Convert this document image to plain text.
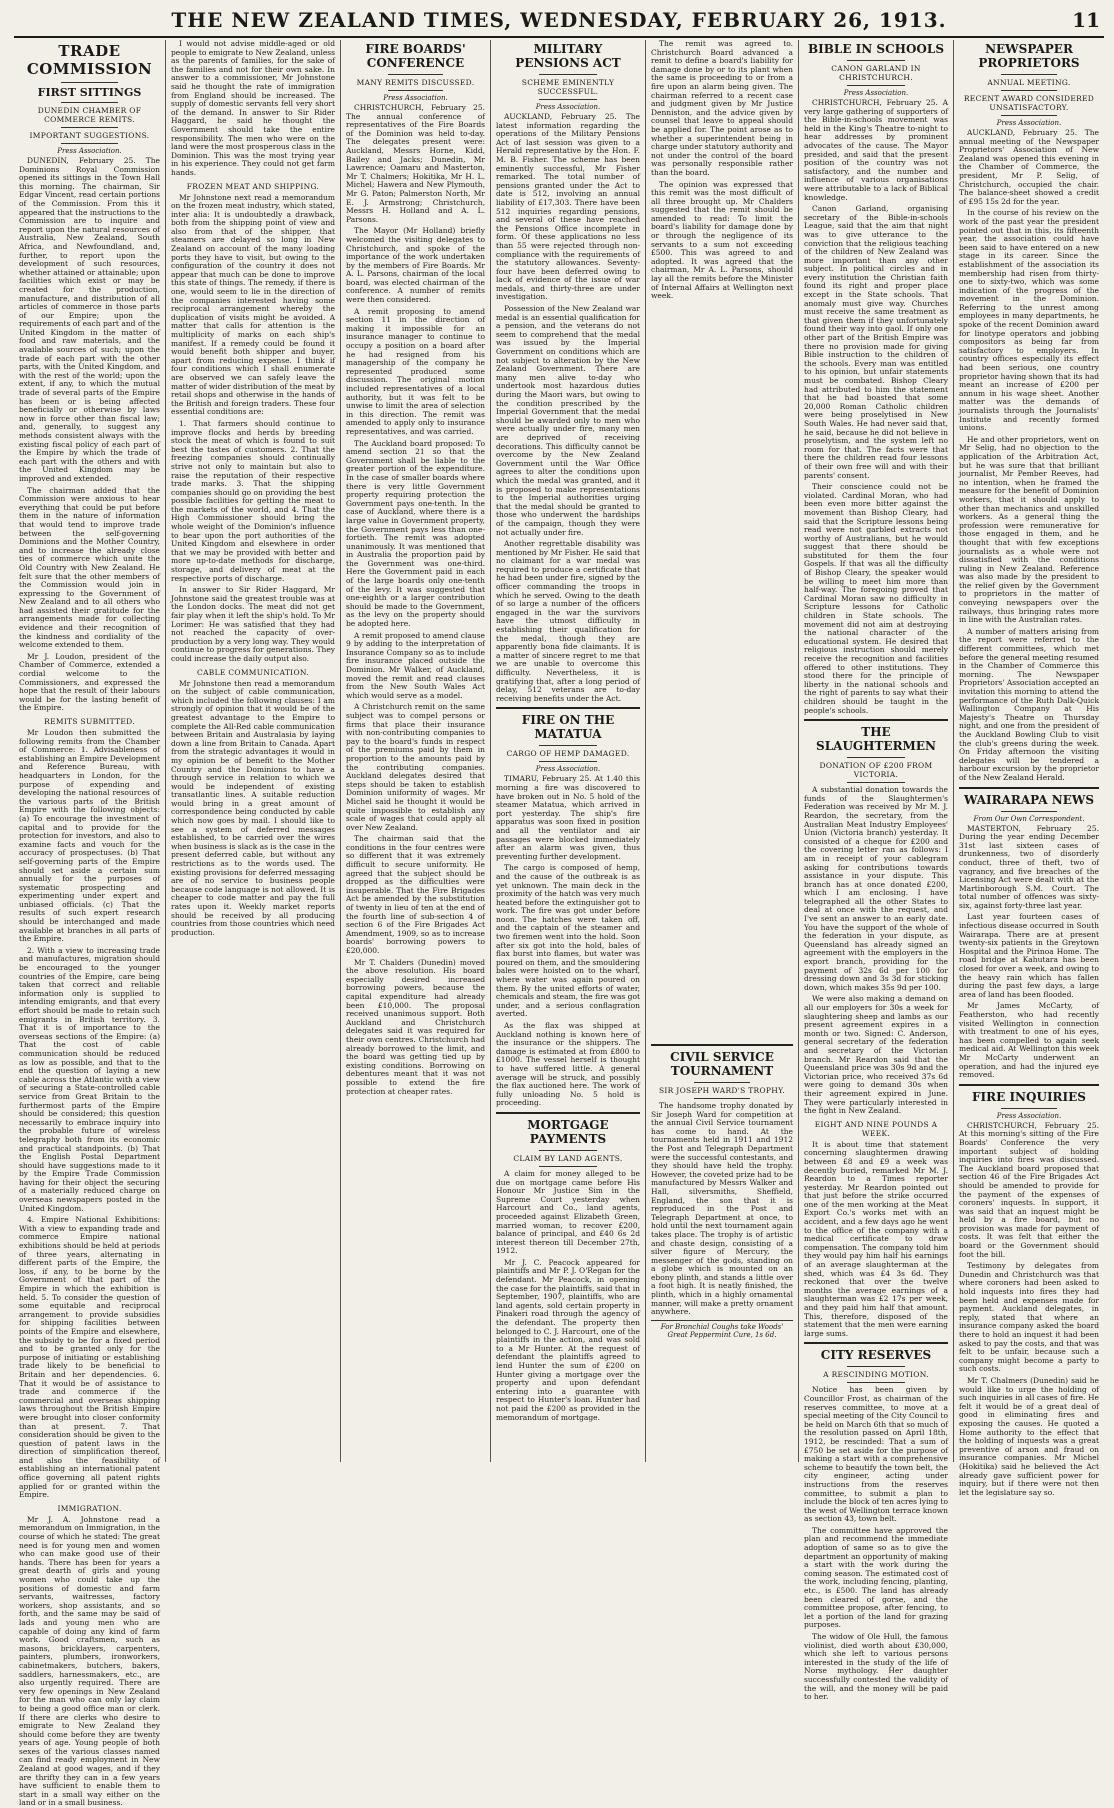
THE NEW ZEALAND TIMES, WEDNESDAY, FEBRUARY 26, 1913.	11
TRADE COMMISSION
FIRST SITTINGS
DUNEDIN CHAMBER OF COMMERCE REMITS.
IMPORTANT SUGGESTIONS.
Press Association.

DUNEDIN, February 25. The Dominions Royal Commission opened its sittings in the Town Hall this morning. The chairman, Sir Edgar Vincent, read certain portions of the Commission. From this it appeared that the instructions to the Commission are to inquire and report upon the natural resources of Australia, New Zealand, South Africa, and Newfoundland, and, further, to report upon the development of such resources, whether attained or attainable; upon facilities which exist or may be created for the production, manufacture, and distribution of all articles of commerce in those parts of our Empire; upon the requirements of each part and of the United Kingdom in the matter of food and raw materials, and the available sources of such; upon the trade of each part with the other parts, with the United Kingdom, and with the rest of the world; upon the extent, if any, to which the mutual trade of several parts of the Empire has been or is being affected beneficially or otherwise by laws now in force other than fiscal law; and, generally, to suggest any methods consistent always with the existing fiscal policy of each part of the Empire by which the trade of each part with the others and with the United Kingdom may be improved and extended.

The chairman added that the Commission were anxious to hear everything that could be put before them in the nature of information that would tend to improve trade between the self-governing Dominions and the Mother Country, and to increase the already close ties of commerce which unite the Old Country with New Zealand. He felt sure that the other members of the Commission would join in expressing to the Government of New Zealand and to all others who had assisted their gratitude for the arrangements made for collecting evidence and their recognition of the kindness and cordiality of the welcome extended to them.

Mr J. Loudon, president of the Chamber of Commerce, extended a cordial welcome to the Commissioners, and expressed the hope that the result of their labours would be for the lasting benefit of the Empire.

REMITS SUBMITTED.

Mr Loudon then submitted the following remits from the Chamber of Commerce: 1. Advisableness of establishing an Empire Development and Reference Bureau, with headquarters in London, for the purpose of expending and developing the national resources of the various parts of the British Empire with the following objects: (a) To encourage the investment of capital and to provide for the protection for investors, and also to examine facts and vouch for the accuracy of prospectuses. (b) That self-governing parts of the Empire should set aside a certain sum annually for the purposes of systematic prospecting and experimenting under expert and unbiased officials. (c) That the results of such expert research should be interchanged and made available at branches in all parts of the Empire.

2. With a view to increasing trade and manufactures, migration should be encouraged to the younger countries of the Empire, care being taken that correct and reliable information only is supplied to intending emigrants, and that every effort should be made to retain such emigrants in British territory. 3. That it is of importance to the overseas sections of the Empire: (a) That the cost of cable communication should be reduced as low as possible, and that to the end the question of laying a new cable across the Atlantic with a view of securing a State-controlled cable service from Great Britain to the furthermost parts of the Empire should be considered; this question necessarily to embrace inquiry into the probable future of wireless telegraphy both from its economic and practical standpoints. (b) That the English Postal Department should have suggestions made to it by the Empire Trade Commission having for their object the securing of a materially reduced charge on overseas newspapers posted in the United Kingdom.

4. Empire National Exhibitions: With a view to expanding trade and commerce Empire national exhibitions should be held at periods of three years, alternating in different parts of the Empire, the loss, if any, to be borne by the Government of that part of the Empire in which the exhibition is held. 5. To consider the question of some equitable and reciprocal arrangement to provide subsidies for shipping facilities between points of the Empire and elsewhere, the subsidy to be for a fixed period and to be granted only for the purpose of initiating or establishing trade likely to be beneficial to Britain and her dependencies. 6. That it would be of assistance to trade and commerce if the commercial and overseas shipping laws throughout the British Empire were brought into closer conformity than at present. 7. That consideration should be given to the question of patent laws in the direction of simplification thereof, and also the feasibility of establishing an international patent office governing all patent rights applied for or granted within the Empire.

IMMIGRATION.

Mr J. A. Johnstone read a memorandum on Immigration, in the course of which he stated: The great need is for young men and women who can make good use of their hands. There has been for years a great dearth of girls and young women who could take up the positions of domestic and farm servants, waitresses, factory workers, shop assistants, and so forth, and the same may be said of lads and young men who are capable of doing any kind of farm work. Good craftsmen, such as masons, bricklayers, carpenters, painters, plumbers, ironworkers, cabinetmakers, butchers, bakers, saddlers, harnessmakers, etc., are also urgently required. There are very few openings in New Zealand for the man who can only lay claim to being a good office man or clerk. If there are clerks who desire to emigrate to New Zealand they should come before they are twenty years of age. Young people of both sexes of the various classes named can find ready employment in New Zealand at good wages, and if they are thrifty they can in a few years have sufficient to enable them to start in a small way either on the land or in a small business.

I would not advise middle-aged or old people to emigrate to New Zealand, unless as the parents of families, for the sake of the families and not for their own sake. In answer to a commissioner, Mr Johnstone said he thought the rate of immigration from England should be increased. The supply of domestic servants fell very short of the demand. In answer to Sir Rider Haggard, he said he thought the Government should take the entire responsibility. The men who were on the land were the most prosperous class in the Dominion. This was the most trying year in his experience. They could not get farm hands.

FROZEN MEAT AND SHIPPING.

Mr Johnstone next read a memorandum on the frozen meat industry, which stated, inter alia: It is undoubtedly a drawback, both from the shipping point of view and also from that of the shipper, that steamers are delayed so long in New Zealand on account of the many loading ports they have to visit, but owing to the configuration of the country it does not appear that much can be done to improve this state of things. The remedy, if there is one, would seem to lie in the direction of the companies interested having some reciprocal arrangement whereby the duplication of visits might be avoided. A matter that calls for attention is the multiplicity of marks on each ship's manifest. If a remedy could be found it would benefit both shipper and buyer, apart from reducing expense. I think if four conditions which I shall enumerate are observed we can safely leave the matter of wider distribution of the meat by retail shops and otherwise in the hands of the British and foreign traders. These four essential conditions are:

1. That farmers should continue to improve flocks and herds by breeding stock the meat of which is found to suit best the tastes of customers. 2. That the freezing companies should continually strive not only to maintain but also to raise the reputation of their respective trade marks. 3. That the shipping companies should go on providing the best possible facilities for getting the meat to the markets of the world, and 4. That the High Commissioner should bring the whole weight of the Dominion's influence to bear upon the port authorities of the United Kingdom and elsewhere in order that we may be provided with better and more up-to-date methods for discharge, storage, and delivery of meat at the respective ports of discharge.

In answer to Sir Rider Haggard, Mr Johnstone said the greatest trouble was at the London docks. The meat did not get fair play when it left the ship's hold. To Mr Lorimer: He was satisfied that they had not reached the capacity of over-production by a very long way. They would continue to progress for generations. They could increase the daily output also.

CABLE COMMUNICATION.

Mr Johnstone then read a memorandum on the subject of cable communication, which included the following clauses: I am strongly of opinion that it would be of the greatest advantage to the Empire to complete the All-Red cable communication between Britain and Australasia by laying down a line from Britain to Canada. Apart from the strategic advantages it would in my opinion be of benefit to the Mother Country and the Dominions to have a through service in relation to which we would be independent of existing transatlantic lines. A suitable reduction would bring in a great amount of correspondence being conducted by cable which now goes by mail. I should like to see a system of deferred messages established, to be carried over the wires when business is slack as is the case in the present deferred cable, but without any restrictions as to the words used. The existing provisions for deferred messaging are of no service to business people because code language is not allowed. It is cheaper to code matter and pay the full rates upon it. Weekly market reports should be received by all producing countries from those countries which need production.

FIRE BOARDS' CONFERENCE
MANY REMITS DISCUSSED.
Press Association.

CHRISTCHURCH, February 25. The annual conference of representatives of the Fire Boards of the Dominion was held to-day. The delegates present were: Auckland, Messrs Horne, Kidd, Bailey and Jacks; Dunedin, Mr Lawrence; Oamaru and Masterton, Mr T. Chalmers; Hokitika, Mr H. L. Michel; Hawera and New Plymouth, Mr G. Paton; Palmerston North, Mr E. J. Armstrong; Christchurch, Messrs H. Holland and A. L. Parsons.

The Mayor (Mr Holland) briefly welcomed the visiting delegates to Christchurch, and spoke of the importance of the work undertaken by the members of Fire Boards. Mr A. L. Parsons, chairman of the local board, was elected chairman of the conference. A number of remits were then considered.

A remit proposing to amend section 11 in the direction of making it impossible for an insurance manager to continue to occupy a position on a board after he had resigned from his managership of the company he represented produced some discussion. The original motion included representatives of a local authority, but it was felt to be unwise to limit the area of selection in this direction. The remit was amended to apply only to insurance representatives, and was carried.

The Auckland board proposed: To amend section 21 so that the Government shall be liable to the greater portion of the expenditure. In the case of smaller boards where there is very little Government property requiring protection the Government pays one-tenth. In the case of Auckland, where there is a large value in Government property, the Government pays less than one-fortieth. The remit was adopted unanimously. It was mentioned that in Australia the proportion paid by the Government was one-third. Here the Government paid in each of the large boards only one-tenth of the levy. It was suggested that one-eighth or a larger contribution should be made to the Government, as the levy on the property should be adopted here.

A remit proposed to amend clause 9 by adding to the interpretation of Insurance Company so as to include fire insurance placed outside the Dominion. Mr Walker, of Auckland, moved the remit and read clauses from the New South Wales Act which would serve as a model.

A Christchurch remit on the same subject was to compel persons or firms that place their insurance with non-contributing companies to pay to the board's funds in respect of the premiums paid by them in proportion to the amounts paid by the contributing companies. Auckland delegates desired that steps should be taken to establish Dominion uniformity of wages. Mr Michel said he thought it would be quite impossible to establish any scale of wages that could apply all over New Zealand.

The chairman said that the conditions in the four centres were so different that it was extremely difficult to secure uniformity. He agreed that the subject should be dropped as the difficulties were insuperable. That the Fire Brigades Act be amended by the substitution of twenty in lieu of ten at the end of the fourth line of sub-section 4 of section 6 of the Fire Brigades Act Amendment, 1909, so as to increase boards' borrowing powers to £20,000.

Mr T. Chalders (Dunedin) moved the above resolution. His board especially desired increased borrowing powers, because the capital expenditure had already been £10,000. The proposal received unanimous support. Both Auckland and Christchurch delegates said it was required for their own centres. Christchurch had already borrowed to the limit, and the board was getting tied up by existing conditions. Borrowing on debentures meant that it was not possible to extend the fire protection at cheaper rates.

MILITARY PENSIONS ACT
SCHEME EMINENTLY SUCCESSFUL.
Press Association.

AUCKLAND, February 25. The latest information regarding the operations of the Military Pensions Act of last session was given to a Herald representative by the Hon. F. M. B. Fisher. The scheme has been eminently successful, Mr Fisher remarked. The total number of pensions granted under the Act to date is 512, involving an annual liability of £17,303. There have been 512 inquiries regarding pensions, and several of these have reached the Pensions Office incomplete in form. Of these applications no less than 55 were rejected through non-compliance with the requirements of the statutory allowances. Seventy-four have been deferred owing to lack of evidence of the issue of war medals, and thirty-three are under investigation.

Possession of the New Zealand war medal is an essential qualification for a pension, and the veterans do not seem to comprehend that the medal was issued by the Imperial Government on conditions which are not subject to alteration by the New Zealand Government. There are many men alive to-day who undertook most hazardous duties during the Maori wars, but owing to the condition prescribed by the Imperial Government that the medal should be awarded only to men who were actually under fire, many men are deprived of receiving decorations. This difficulty cannot be overcome by the New Zealand Government until the War Office agrees to alter the conditions upon which the medal was granted, and it is proposed to make representations to the Imperial authorities urging that the medal should be granted to those who underwent the hardships of the campaign, though they were not actually under fire.

Another regrettable disability was mentioned by Mr Fisher. He said that no claimant for a war medal was required to produce a certificate that he had been under fire, signed by the officer commanding the troops in which he served. Owing to the death of so large a number of the officers engaged in the war the survivors have the utmost difficulty in establishing their qualification for the medal, though they are apparently bona fide claimants. It is a matter of sincere regret to me that we are unable to overcome this difficulty. Nevertheless, it is gratifying that, after a long period of delay, 512 veterans are to-day receiving benefits under the Act.

FIRE ON THE MATATUA
CARGO OF HEMP DAMAGED.
Press Association.

TIMARU, February 25. At 1.40 this morning a fire was discovered to have broken out in No. 5 hold of the steamer Matatua, which arrived in port yesterday. The ship's fire apparatus was soon fixed in position and all the ventilator and air passages were blocked immediately after an alarm was given, thus preventing further development.

The cargo is composed of hemp, and the cause of the outbreak is as yet unknown. The main deck in the proximity of the hatch was very much heated before the extinguisher got to work. The fire was got under before noon. The hatches were taken off, and the captain of the steamer and two firemen went into the hold. Soon after six got into the hold, bales of flax burst into flames, but water was poured on them, and the smouldering bales were hoisted on to the wharf, where water was again poured on them. By the united efforts of water, chemicals and steam, the fire was got under, and a serious conflagration averted.

As the flax was shipped at Auckland nothing is known here of the insurance or the shippers. The damage is estimated at from £800 to £1000. The vessel herself is thought to have suffered little. A general average will be struck, and possibly the flax auctioned here. The work of fully unloading No. 5 hold is proceeding.

MORTGAGE PAYMENTS
CLAIM BY LAND AGENTS.

A claim for money alleged to be due on mortgage came before His Honour Mr Justice Sim in the Supreme Court yesterday when Harcourt and Co., land agents, proceeded against Elizabeth Green, married woman, to recover £200, balance of principal, and £40 6s 2d interest thereon till December 27th, 1912.

Mr J. C. Peacock appeared for plaintiffs and Mr P. J. O'Regan for the defendant. Mr Peacock, in opening the case for the plaintiffs, said that in September, 1907, plaintiffs, who are land agents, sold certain property in Pinakeri road through the agency of the defendant. The property then belonged to C. J. Harcourt, one of the plaintiffs in the action, and was sold to a Mr Hunter. At the request of defendant the plaintiffs agreed to lend Hunter the sum of £200 on Hunter giving a mortgage over the property and upon defendant entering into a guarantee with respect to Hunter's loan. Hunter had not paid the £200 as provided in the memorandum of mortgage.

The remit was agreed to. Christchurch Board advanced a remit to define a board's liability for damage done by or to its plant when the same is proceeding to or from a fire upon an alarm being given. The chairman referred to a recent case and judgment given by Mr Justice Denniston, and the advice given by counsel that leave to appeal should be applied for. The point arose as to whether a superintendent being in charge under statutory authority and not under the control of the board was personally responsible rather than the board.

The opinion was expressed that this remit was the most difficult of all three brought up. Mr Chalders suggested that the remit should be amended to read: To limit the board's liability for damage done by or through the negligence of its servants to a sum not exceeding £500. This was agreed to and adopted. It was agreed that the chairman, Mr A. L. Parsons, should lay all the remits before the Minister of Internal Affairs at Wellington next week.

CIVIL SERVICE TOURNAMENT
SIR JOSEPH WARD'S TROPHY.

The handsome trophy donated by Sir Joseph Ward for competition at the annual Civil Service tournament has come to hand. At the tournaments held in 1911 and 1912 the Post and Telegraph Department were the successful contestants, and they should have held the trophy. However, the coveted prize had to be manufactured by Messrs Walker and Hall, silversmiths, Sheffield, England, the son that it is reproduced in the Post and Telegraph Department at once, to hold until the next tournament again takes place. The trophy is of artistic and chaste design, consisting of a silver figure of Mercury, the messenger of the gods, standing on a globe which is mounted on an ebony plinth, and stands a little over a foot high. It is neatly finished, the plinth, which in a highly ornamental manner, will make a pretty ornament anywhere.

For Bronchial Coughs take Woods' Great Peppermint Cure, 1s 6d.
BIBLE IN SCHOOLS
CANON GARLAND IN CHRISTCHURCH.
Press Association.

CHRISTCHURCH, February 25. A very large gathering of supporters of the Bible-in-schools movement was held in the King's Theatre to-night to hear addresses by prominent advocates of the cause. The Mayor presided, and said that the present position of the country was not satisfactory, and the number and influence of various organisations were attributable to a lack of Biblical knowledge.

Canon Garland, organising secretary of the Bible-in-schools League, said that the aim that night was to give utterance to the conviction that the religious teaching of the children of New Zealand was more important than any other subject. In political circles and in every institution the Christian faith found its right and proper place except in the State schools. That anomaly must give way. Churches must receive the same treatment as that given them if they unfortunately found their way into gaol. If only one other part of the British Empire was there no provision made for giving Bible instruction to the children of the schools. Every man was entitled to his opinion, but unfair statements must be combated. Bishop Cleary had attributed to him the statement that he had boasted that some 20,000 Roman Catholic children were being proselytised in New South Wales. He had never said that, he said, because he did not believe in proselytism, and the system left no room for that. The facts were that there the children read four lessons of their own free will and with their parents' consent.

Their conscience could not be violated. Cardinal Moran, who had been even more bitter against the movement than Bishop Cleary, had said that the Scripture lessons being read were not garbled extracts not worthy of Australians, but he would suggest that there should be substituted for them the four Gospels. If that was all the difficulty of Bishop Cleary, the speaker would be willing to meet him more than half-way. The foregoing proved that Cardinal Moran saw no difficulty in Scripture lessons for Catholic children in State schools. The movement did not aim at destroying the national character of the educational system. He desired that religious instruction should merely receive the recognition and facilities offered to other institutions. They stood there for the principle of liberty in the national schools and the right of parents to say what their children should be taught in the people's schools.

THE SLAUGHTERMEN
DONATION OF £200 FROM VICTORIA.

A substantial donation towards the funds of the Slaughtermen's Federation was received by Mr M. J. Reardon, the secretary, from the Australian Meat Industry Employees' Union (Victoria branch) yesterday. It consisted of a cheque for £200 and the covering letter ran as follows: I am in receipt of your cablegram asking for contributions towards assistance in your dispute. This branch has at once donated £200, which I am enclosing. I have telegraphed all the other States to deal at once with the request, and I've sent an answer to an early date. You have the support of the whole of the federation in your dispute, as Queensland has already signed an agreement with the employers in the export branch, providing for the payment of 32s 6d per 100 for dressing down and 3s 3d for sticking down, which makes 35s 9d per 100.

We were also making a demand on all our employers for 30s a week for slaughtering sheep and lambs as our present agreement expires in a month or two. Signed: C. Anderson, general secretary of the federation and secretary of the Victorian branch. Mr Reardon said that the Queensland price was 30s 9d and the Victorian price, who received 37s 6d were going to demand 30s when their agreement expired in June. They were particularly interested in the fight in New Zealand.

EIGHT AND NINE POUNDS A WEEK.

It is about time that statement concerning slaughtermen drawing between £8 and £9 a week was decently buried, remarked Mr M. J. Reardon to a Times reporter yesterday. Mr Reardon pointed out that just before the strike occurred one of the men working at the Meat Export Co.'s works met with an accident, and a few days ago he went to the office of the company with a medical certificate to draw compensation. The company told him they would pay him half his earnings of an average slaughterman at the shed, which was £4 3s 6d. They reckoned that over the twelve months the average earnings of a slaughterman was £2 17s per week, and they paid him half that amount. This, therefore, disposed of the statement that the men were earning large sums.

CITY RESERVES
A RESCINDING MOTION.

Notice has been given by Councillor Frost, as chairman of the reserves committee, to move at a special meeting of the City Council to be held on March 6th that so much of the resolution passed on April 18th, 1912, be rescinded: That a sum of £750 be set aside for the purpose of making a start with a comprehensive scheme to beautify the town belt, the city engineer, acting under instructions from the reserves committee, to submit a plan to include the block of ten acres lying to the west of Wellington terrace known as section 43, town belt.

The committee have approved the plan and recommend the immediate adoption of same so as to give the department an opportunity of making a start with the work during the coming season. The estimated cost of the work, including fencing, planting, etc., is £500. The land has already been cleared of gorse, and the committee propose, after fencing, to let a portion of the land for grazing purposes.

The widow of Ole Hull, the famous violinist, died worth about £30,000, which she left to various persons interested in the study of the life of Norse mythology. Her daughter successfully contested the validity of the will, and the money will be paid to her.

NEWSPAPER PROPRIETORS
ANNUAL MEETING.
RECENT AWARD CONSIDERED UNSATISFACTORY.
Press Association.

AUCKLAND, February 25. The annual meeting of the Newspaper Proprietors' Association of New Zealand was opened this evening in the Chamber of Commerce, the president, Mr P. Selig, of Christchurch, occupied the chair. The balance-sheet showed a credit of £95 15s 2d for the year.

In the course of his review on the work of the past year the president pointed out that in this, its fifteenth year, the association could have been said to have entered on a new stage in its career. Since the establishment of the association its membership had risen from thirty-one to sixty-two, which was some indication of the progress of the movement in the Dominion. Referring to the unrest among employees in many departments, he spoke of the recent Dominion award for linotype operators and jobbing compositors as being far from satisfactory to employers. In country offices especially its effect had been serious, one country proprietor having shown that its had meant an increase of £200 per annum in his wage sheet. Another matter was the demands of journalists through the Journalists' Institute and recently formed unions.

He and other proprietors, went on Mr Selig, had no objection to the application of the Arbitration Act, but he was sure that that brilliant journalist, Mr Pember Reeves, had no intention, when he framed the measure for the benefit of Dominion workers, that it should apply to other than mechanics and unskilled workers. As a general thing the profession were remunerative for those engaged in them, and he thought that with few exceptions journalists as a whole were not dissatisfied with the conditions ruling in New Zealand. Reference was also made by the president to the relief given by the Government to proprietors in the matter of conveying newspapers over the railways, thus bringing rates more in line with the Australian rates.

A number of matters arising from the report were referred to the different committees, which met before the general meeting resumed in the Chamber of Commerce this morning. The Newspaper Proprietors' Association accepted an invitation this morning to attend the performance of the Ruth Dalk-Quick Wallington Company at His Majesty's Theatre on Thursday night, and one from the president of the Auckland Bowling Club to visit the club's greens during the week. On Friday afternoon the visiting delegates will be tendered a harbour excursion by the proprietor of the New Zealand Herald.

WAIRARAPA NEWS
From Our Own Correspondent.

MASTERTON, February 25. During the year ending December 31st last sixteen cases of drunkenness, two of disorderly conduct, three of theft, two of vagrancy, and five breaches of the Licensing Act were dealt with at the Martinborough S.M. Court. The total number of offences was sixty-six, against forty-three last year.

Last year fourteen cases of infectious disease occurred in South Wairarapa. There are at present twenty-six patients in the Greytown Hospital and the Pirinoa Home. The road bridge at Kahutara has been closed for over a week, and owing to the heavy rain which has fallen during the past few days, a large area of land has been flooded.

Mr James McCarty, of Featherston, who had recently visited Wellington in connection with treatment to one of his eyes, has been compelled to again seek medical aid. At Wellington this week Mr McCarty underwent an operation, and had the injured eye removed.

FIRE INQUIRIES
Press Association.

CHRISTCHURCH, February 25. At this morning's sitting of the Fire Boards' Conference the very important subject of holding inquiries into fires was discussed. The Auckland board proposed that section 46 of the Fire Brigades Act should be amended to provide for the payment of the expenses of coroners' inquests. In support, it was said that an inquest might be held by a fire board, but no provision was made for payment of costs. It was felt that either the board or the Government should foot the bill.

Testimony by delegates from Dunedin and Christchurch was that where coroners had been asked to hold inquests into fires they had been held and expenses made for payment. Auckland delegates, in reply, stated that where an insurance company asked the board there to hold an inquest it had been asked to pay the costs, and that was felt to be unfair, because such a company might become a party to such costs.

Mr T. Chalmers (Dunedin) said he would like to urge the holding of such inquiries in all cases of fire. He felt it would be of a great deal of good in eliminating fires and exposing the causes. He quoted a Home authority to the effect that the holding of inquests was a great preventive of arson and fraud on insurance companies. Mr Michel (Hokitika) said he believed the Act already gave sufficient power for inquiry, but if there were not then let the legislature say so.
